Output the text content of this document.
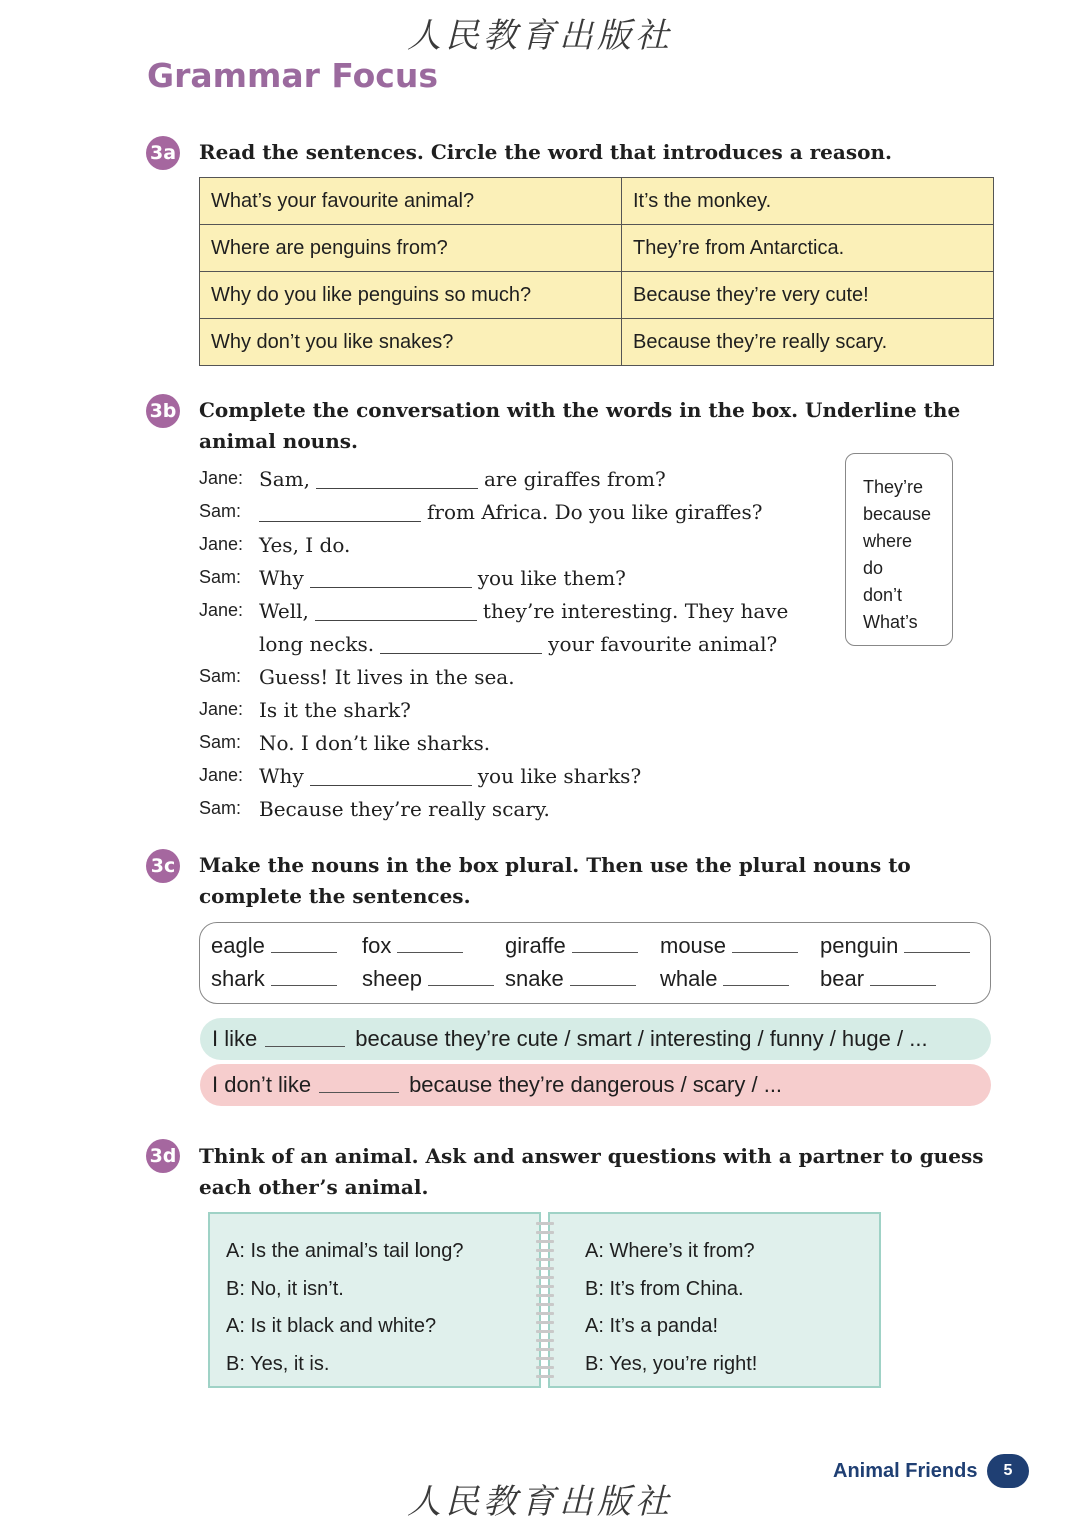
人民教育出版社
Grammar Focus
3a Read the sentences. Circle the word that introduces a reason.
What’s your favourite animal?	It’s the monkey.
Where are penguins from?	They’re from Antarctica.
Why do you like penguins so much?	Because they’re very cute!
Why don’t you like snakes?	Because they’re really scary.
3b Complete the conversation with the words in the box. Underline the animal nouns.
Jane: Sam,	are giraffes from?
Sam:	from Africa. Do you like giraffes?
Jane: Yes, I do.
Sam: Why	you like them?
Jane: Well,	they’re interesting. They have
long necks.	your favourite animal?
Sam: Guess! It lives in the sea.
Jane: Is it the shark?
Sam: No. I don’t like sharks.
Jane: Why	you like sharks?
Sam: Because they’re really scary.
They’re
because
where
do
don’t
What’s
3c Make the nouns in the box plural. Then use the plural nouns to complete the sentences.
eagle	fox	giraffe	mouse	penguin
shark	sheep	snake	whale	bear
I like	because they’re cute / smart / interesting / funny / huge / ...
I don’t like	because they’re dangerous / scary / ...
3d Think of an animal. Ask and answer questions with a partner to guess each other’s animal.
A: Is the animal’s tail long?
B: No, it isn’t.
A: Is it black and white?
B: Yes, it is.
A: Where’s it from?
B: It’s from China.
A: It’s a panda!
B: Yes, you’re right!
Animal Friends	5
人民教育出版社
